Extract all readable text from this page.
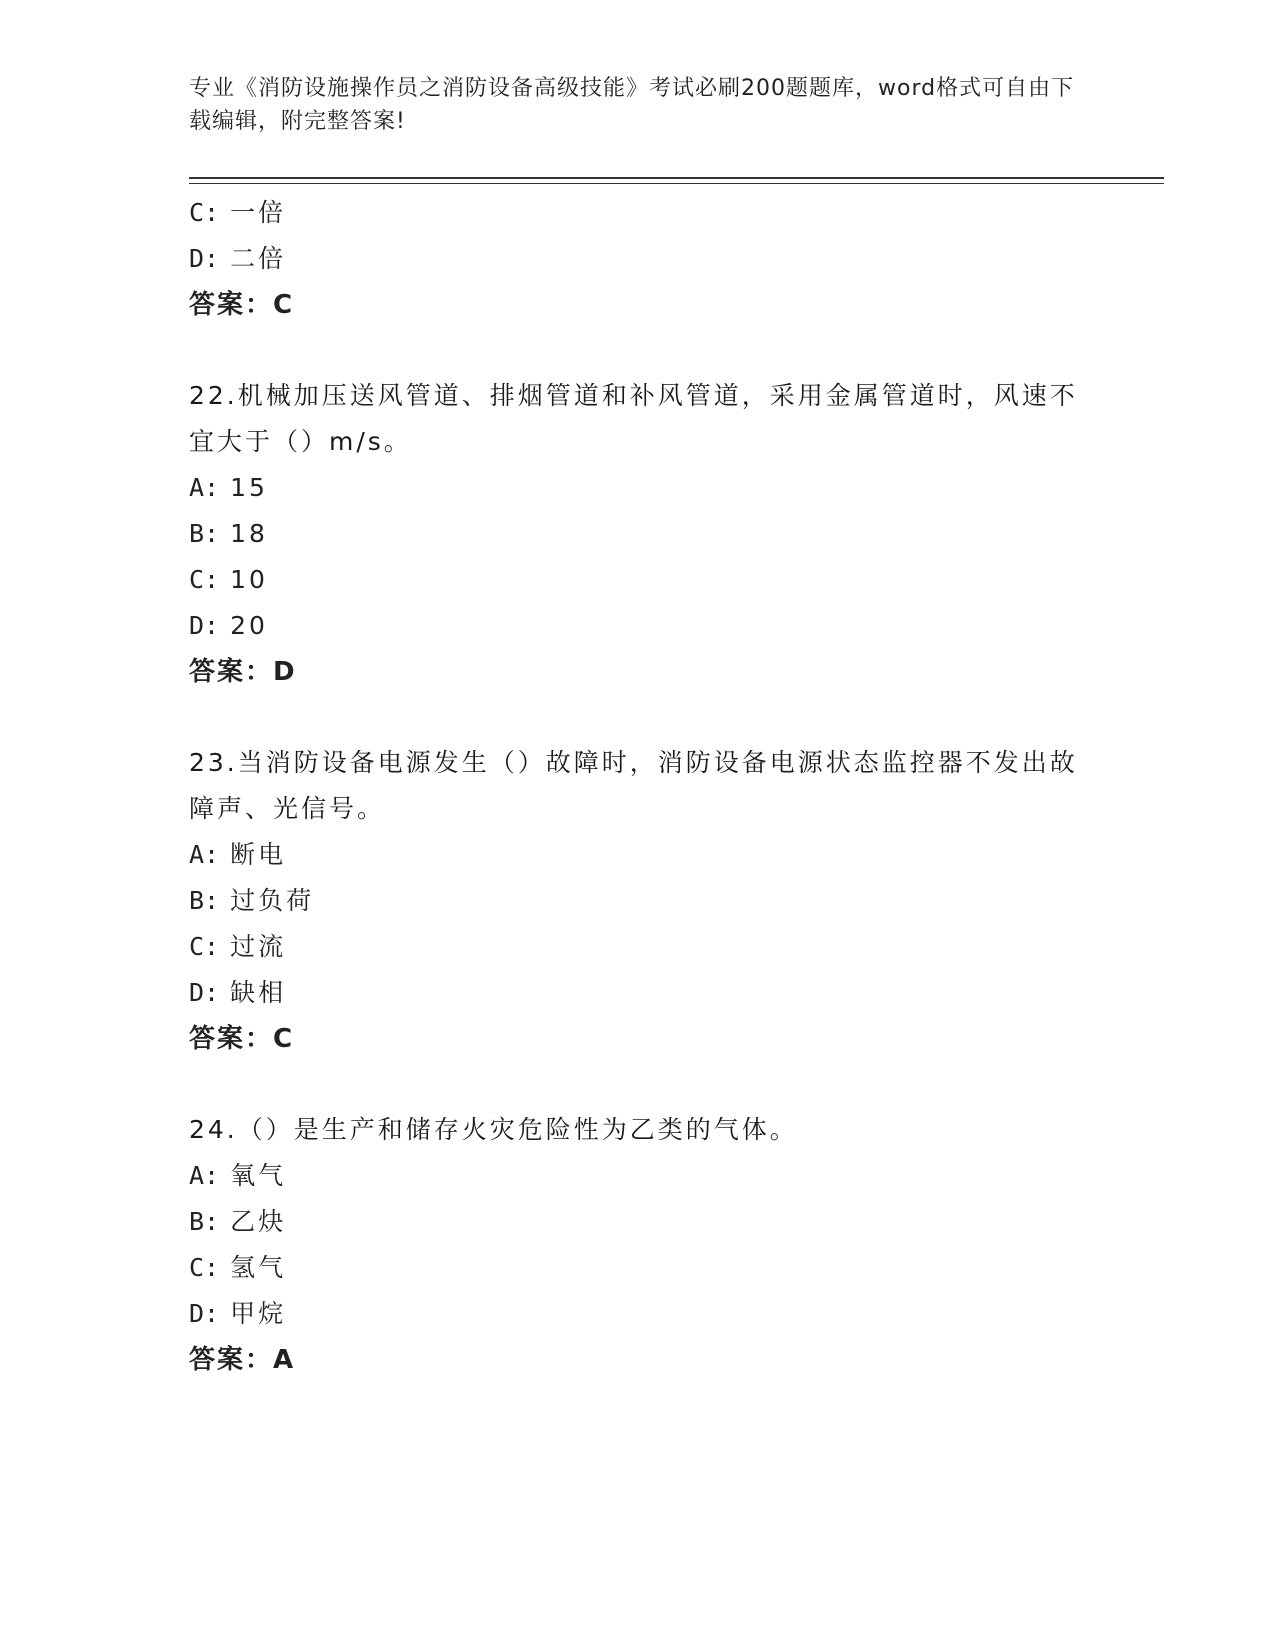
专业《消防设施操作员之消防设备高级技能》考试必刷200题题库，word格式可自由下载编辑，附完整答案!
C: 一倍
D: 二倍
答案：C
22.机械加压送风管道、排烟管道和补风管道，采用金属管道时，风速不宜大于（）m/s。
A: 15
B: 18
C: 10
D: 20
答案：D
23.当消防设备电源发生（）故障时，消防设备电源状态监控器不发出故障声、光信号。
A: 断电
B: 过负荷
C: 过流
D: 缺相
答案：C
24.（）是生产和储存火灾危险性为乙类的气体。
A: 氧气
B: 乙炔
C: 氢气
D: 甲烷
答案：A
